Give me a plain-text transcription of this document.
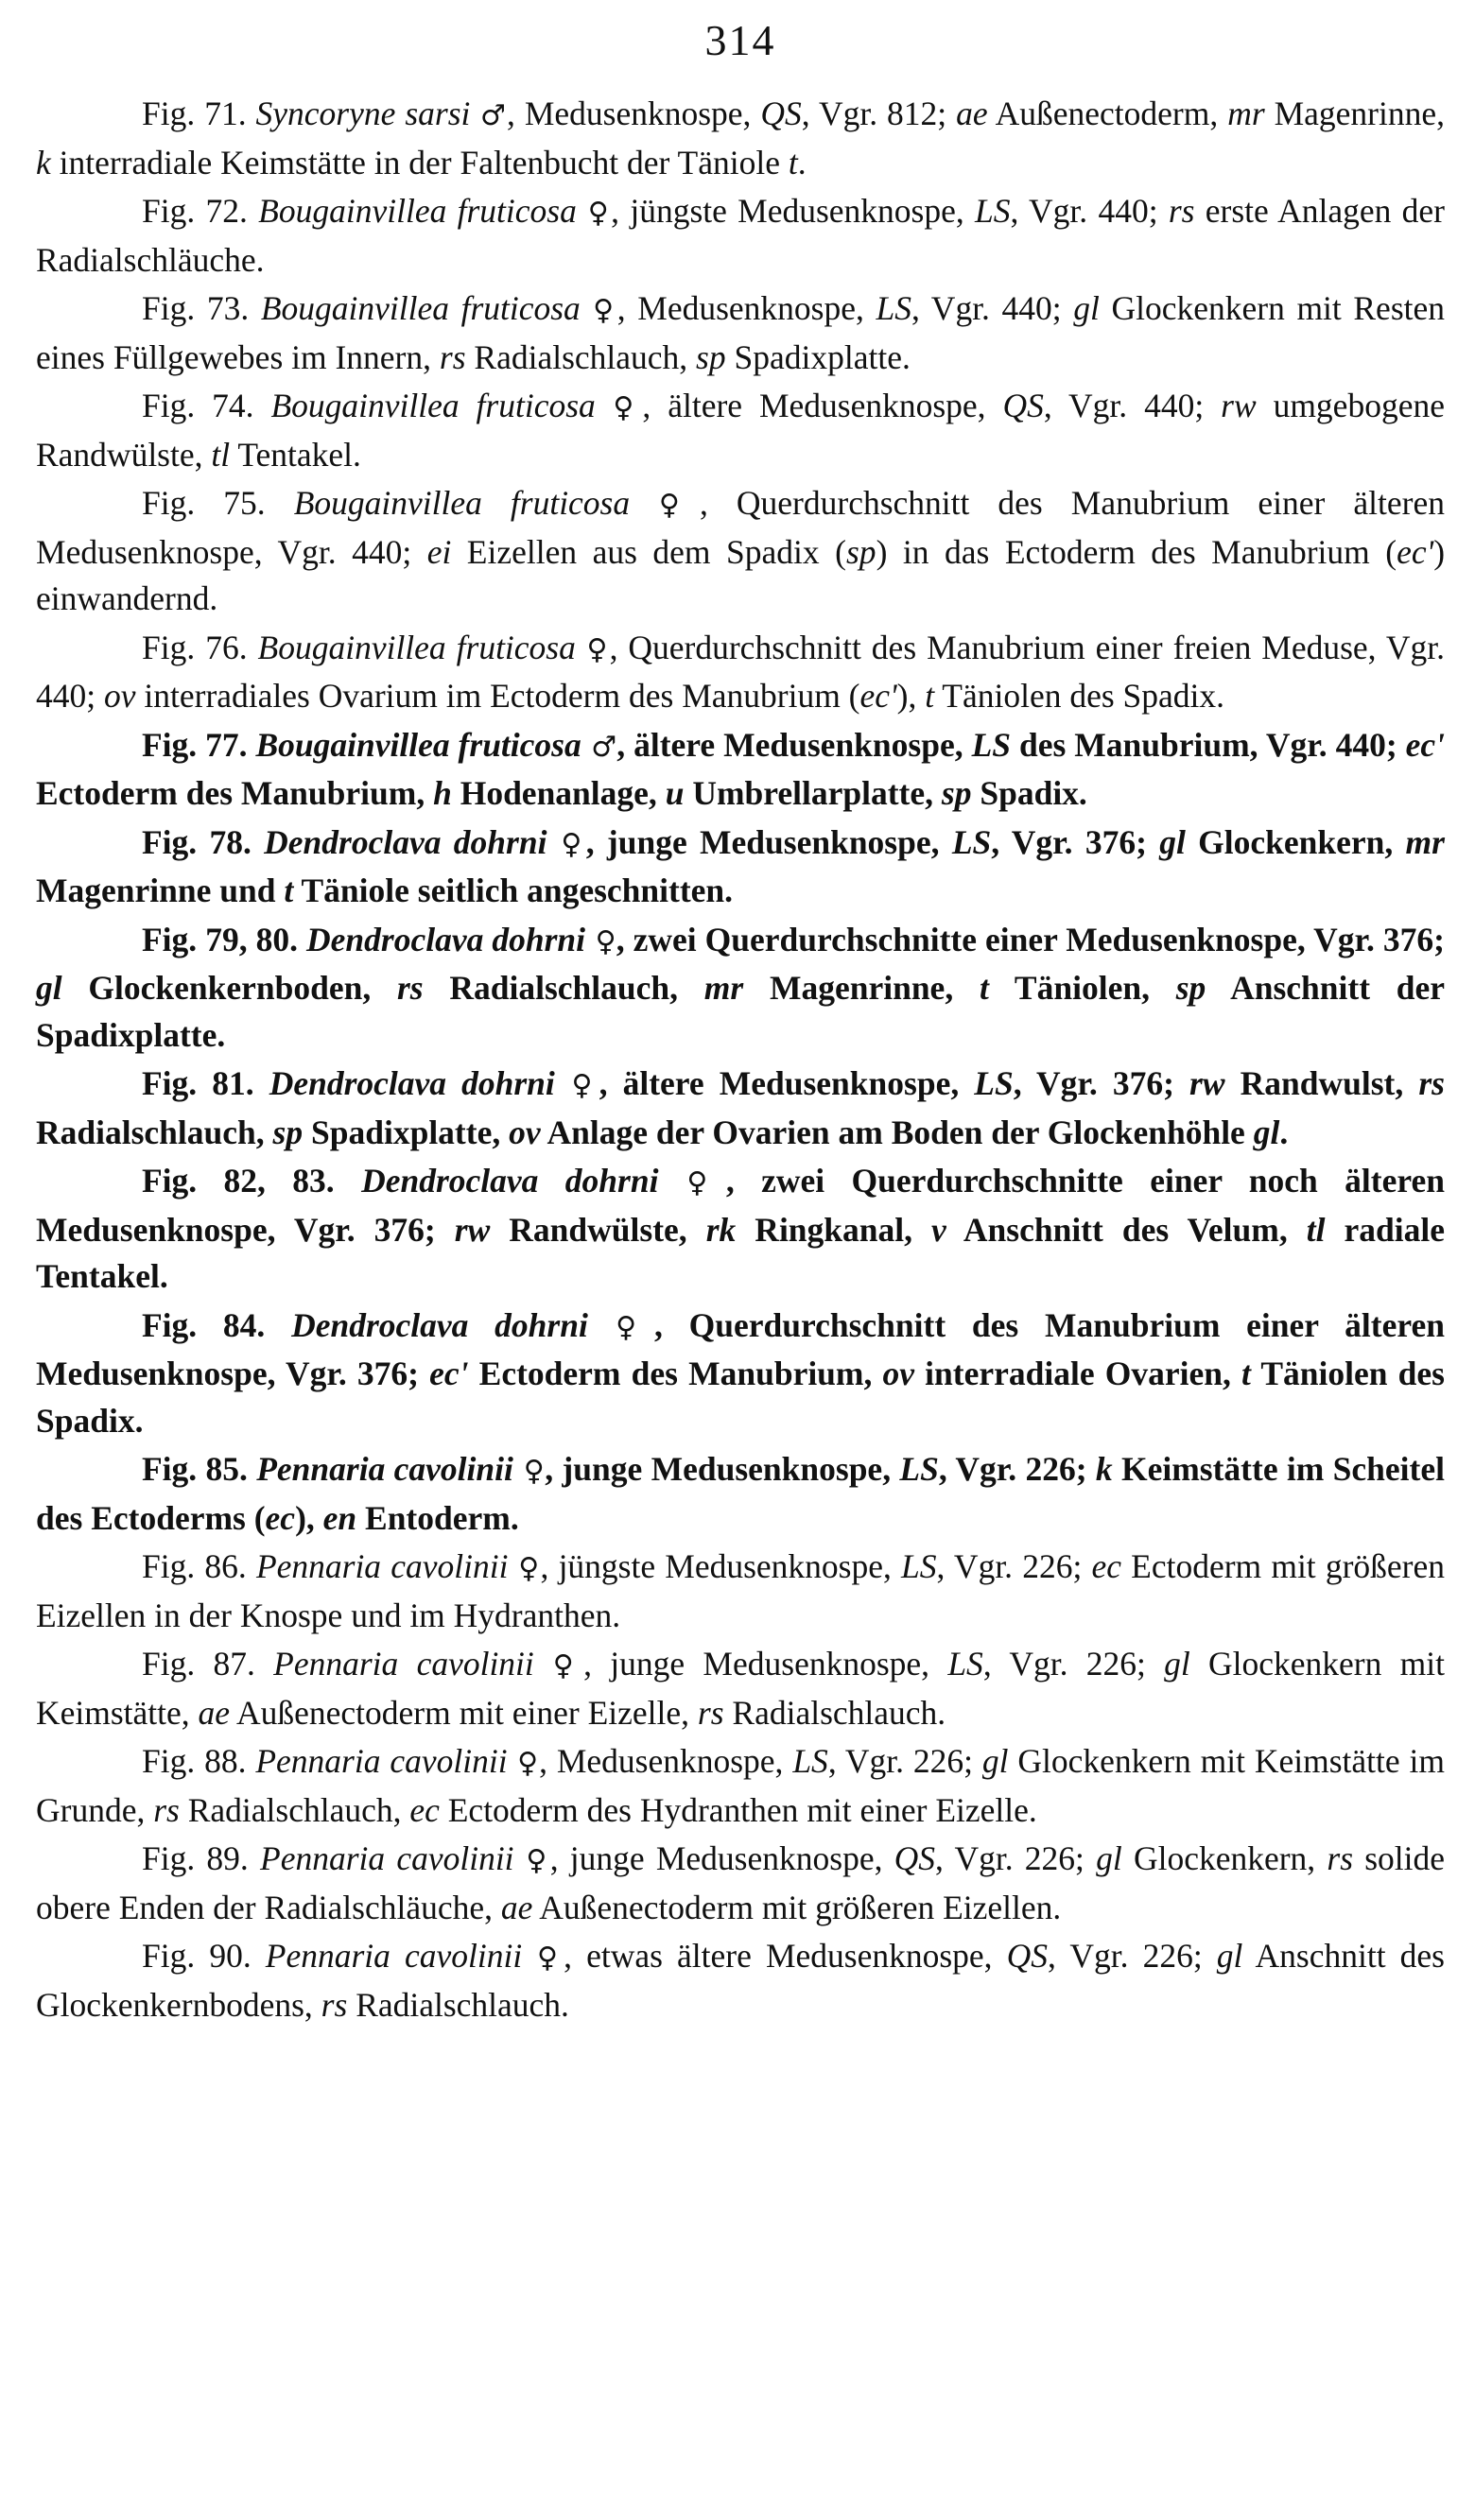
314

Fig. 71. Syncoryne sarsi ♂, Medusenknospe, QS, Vgr. 812; ae Außenectoderm, mr Magenrinne, k interradiale Keimstätte in der Faltenbucht der Täniole t.

Fig. 72. Bougainvillea fruticosa ♀, jüngste Medusenknospe, LS, Vgr. 440; rs erste Anlagen der Radialschläuche.

Fig. 73. Bougainvillea fruticosa ♀, Medusenknospe, LS, Vgr. 440; gl Glockenkern mit Resten eines Füllgewebes im Innern, rs Radialschlauch, sp Spadixplatte.

Fig. 74. Bougainvillea fruticosa ♀, ältere Medusenknospe, QS, Vgr. 440; rw umgebogene Randwülste, tl Tentakel.

Fig. 75. Bougainvillea fruticosa ♀, Querdurchschnitt des Manubrium einer älteren Medusenknospe, Vgr. 440; ei Eizellen aus dem Spadix (sp) in das Ectoderm des Manubrium (ec') einwandernd.

Fig. 76. Bougainvillea fruticosa ♀, Querdurchschnitt des Manubrium einer freien Meduse, Vgr. 440; ov interradiales Ovarium im Ectoderm des Manubrium (ec'), t Täniolen des Spadix.

Fig. 77. Bougainvillea fruticosa ♂, ältere Medusenknospe, LS des Manubrium, Vgr. 440; ec' Ectoderm des Manubrium, h Hodenanlage, u Umbrellarplatte, sp Spadix.

Fig. 78. Dendroclava dohrni ♀, junge Medusenknospe, LS, Vgr. 376; gl Glockenkern, mr Magenrinne und t Täniole seitlich angeschnitten.

Fig. 79, 80. Dendroclava dohrni ♀, zwei Querdurchschnitte einer Medusenknospe, Vgr. 376; gl Glockenkernboden, rs Radialschlauch, mr Magenrinne, t Täniolen, sp Anschnitt der Spadixplatte.

Fig. 81. Dendroclava dohrni ♀, ältere Medusenknospe, LS, Vgr. 376; rw Randwulst, rs Radialschlauch, sp Spadixplatte, ov Anlage der Ovarien am Boden der Glockenhöhle gl.

Fig. 82, 83. Dendroclava dohrni ♀, zwei Querdurchschnitte einer noch älteren Medusenknospe, Vgr. 376; rw Randwülste, rk Ringkanal, v Anschnitt des Velum, tl radiale Tentakel.

Fig. 84. Dendroclava dohrni ♀, Querdurchschnitt des Manubrium einer älteren Medusenknospe, Vgr. 376; ec' Ectoderm des Manubrium, ov interradiale Ovarien, t Täniolen des Spadix.

Fig. 85. Pennaria cavolinii ♀, junge Medusenknospe, LS, Vgr. 226; k Keimstätte im Scheitel des Ectoderms (ec), en Entoderm.

Fig. 86. Pennaria cavolinii ♀, jüngste Medusenknospe, LS, Vgr. 226; ec Ectoderm mit größeren Eizellen in der Knospe und im Hydranthen.

Fig. 87. Pennaria cavolinii ♀, junge Medusenknospe, LS, Vgr. 226; gl Glockenkern mit Keimstätte, ae Außenectoderm mit einer Eizelle, rs Radialschlauch.

Fig. 88. Pennaria cavolinii ♀, Medusenknospe, LS, Vgr. 226; gl Glockenkern mit Keimstätte im Grunde, rs Radialschlauch, ec Ectoderm des Hydranthen mit einer Eizelle.

Fig. 89. Pennaria cavolinii ♀, junge Medusenknospe, QS, Vgr. 226; gl Glockenkern, rs solide obere Enden der Radialschläuche, ae Außenectoderm mit größeren Eizellen.

Fig. 90. Pennaria cavolinii ♀, etwas ältere Medusenknospe, QS, Vgr. 226; gl Anschnitt des Glockenkernbodens, rs Radialschlauch.
